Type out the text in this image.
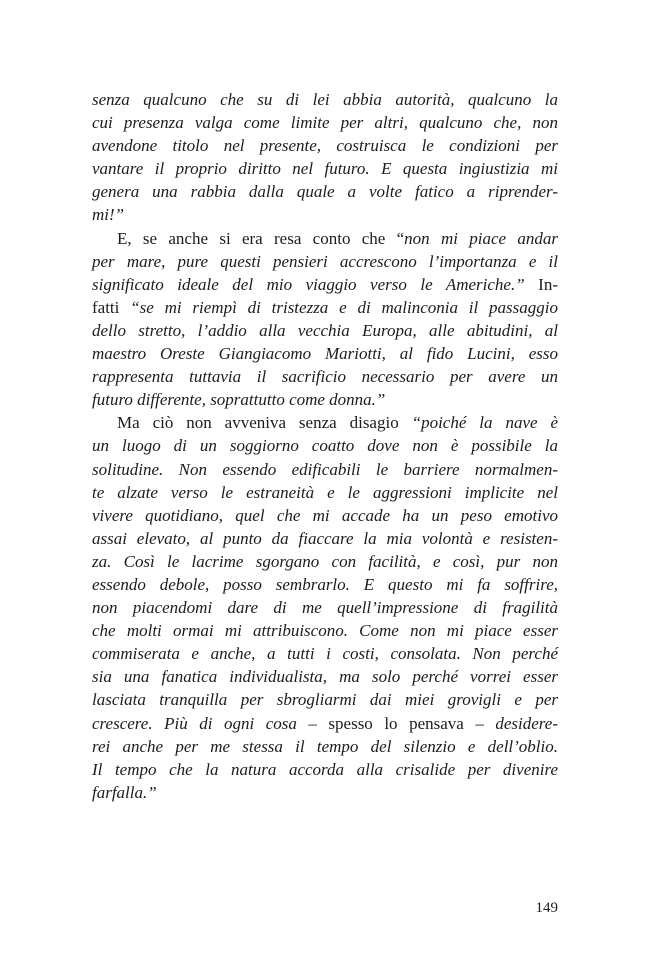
senza qualcuno che su di lei abbia autorità, qualcuno la
cui presenza valga come limite per altri, qualcuno che, non
avendone titolo nel presente, costruisca le condizioni per
vantare il proprio diritto nel futuro. E questa ingiustizia mi
genera una rabbia dalla quale a volte fatico a riprender-
mi!”
E, se anche si era resa conto che “non mi piace andar
per mare, pure questi pensieri accrescono l’importanza e il
significato ideale del mio viaggio verso le Americhe.” In-
fatti “se mi riempì di tristezza e di malinconia il passaggio
dello stretto, l’addio alla vecchia Europa, alle abitudini, al
maestro Oreste Giangiacomo Mariotti, al fido Lucini, esso
rappresenta tuttavia il sacrificio necessario per avere un
futuro differente, soprattutto come donna.”
Ma ciò non avveniva senza disagio “poiché la nave è
un luogo di un soggiorno coatto dove non è possibile la
solitudine. Non essendo edificabili le barriere normalmen-
te alzate verso le estraneità e le aggressioni implicite nel
vivere quotidiano, quel che mi accade ha un peso emotivo
assai elevato, al punto da fiaccare la mia volontà e resisten-
za. Così le lacrime sgorgano con facilità, e così, pur non
essendo debole, posso sembrarlo. E questo mi fa soffrire,
non piacendomi dare di me quell’impressione di fragilità
che molti ormai mi attribuiscono. Come non mi piace esser
commiserata e anche, a tutti i costi, consolata. Non perché
sia una fanatica individualista, ma solo perché vorrei esser
lasciata tranquilla per sbrogliarmi dai miei grovigli e per
crescere. Più di ogni cosa – spesso lo pensava – desidere-
rei anche per me stessa il tempo del silenzio e dell’oblio.
Il tempo che la natura accorda alla crisalide per divenire
farfalla.”
149
